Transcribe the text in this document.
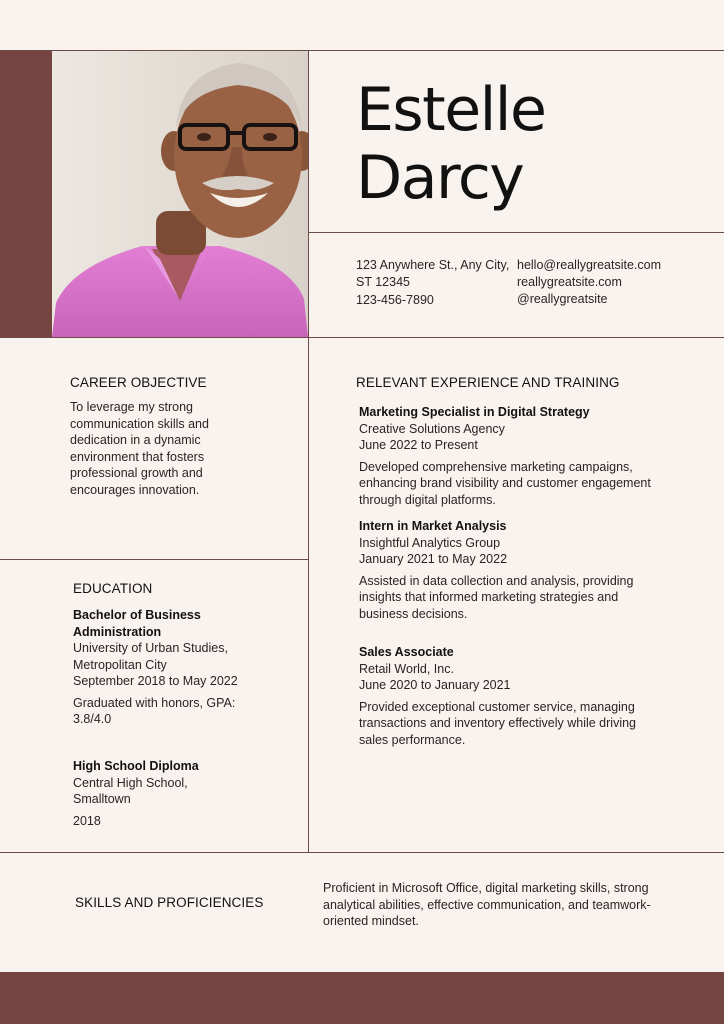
Estelle
Darcy
123 Anywhere St., Any City,
ST 12345
123-456-7890
hello@reallygreatsite.com
reallygreatsite.com
@reallygreatsite
CAREER OBJECTIVE
To leverage my strong
communication skills and
dedication in a dynamic
environment that fosters
professional growth and
encourages innovation.
RELEVANT EXPERIENCE AND TRAINING
Marketing Specialist in Digital Strategy
Creative Solutions Agency
June 2022 to Present
Developed comprehensive marketing campaigns,
enhancing brand visibility and customer engagement
through digital platforms.
Intern in Market Analysis
Insightful Analytics Group
January 2021 to May 2022
Assisted in data collection and analysis, providing
insights that informed marketing strategies and
business decisions.
Sales Associate
Retail World, Inc.
June 2020 to January 2021
Provided exceptional customer service, managing
transactions and inventory effectively while driving
sales performance.
EDUCATION
Bachelor of Business
Administration
University of Urban Studies,
Metropolitan City
September 2018 to May 2022
Graduated with honors, GPA:
3.8/4.0
High School Diploma
Central High School,
Smalltown
2018
SKILLS AND PROFICIENCIES
Proficient in Microsoft Office, digital marketing skills, strong
analytical abilities, effective communication, and teamwork-
oriented mindset.
